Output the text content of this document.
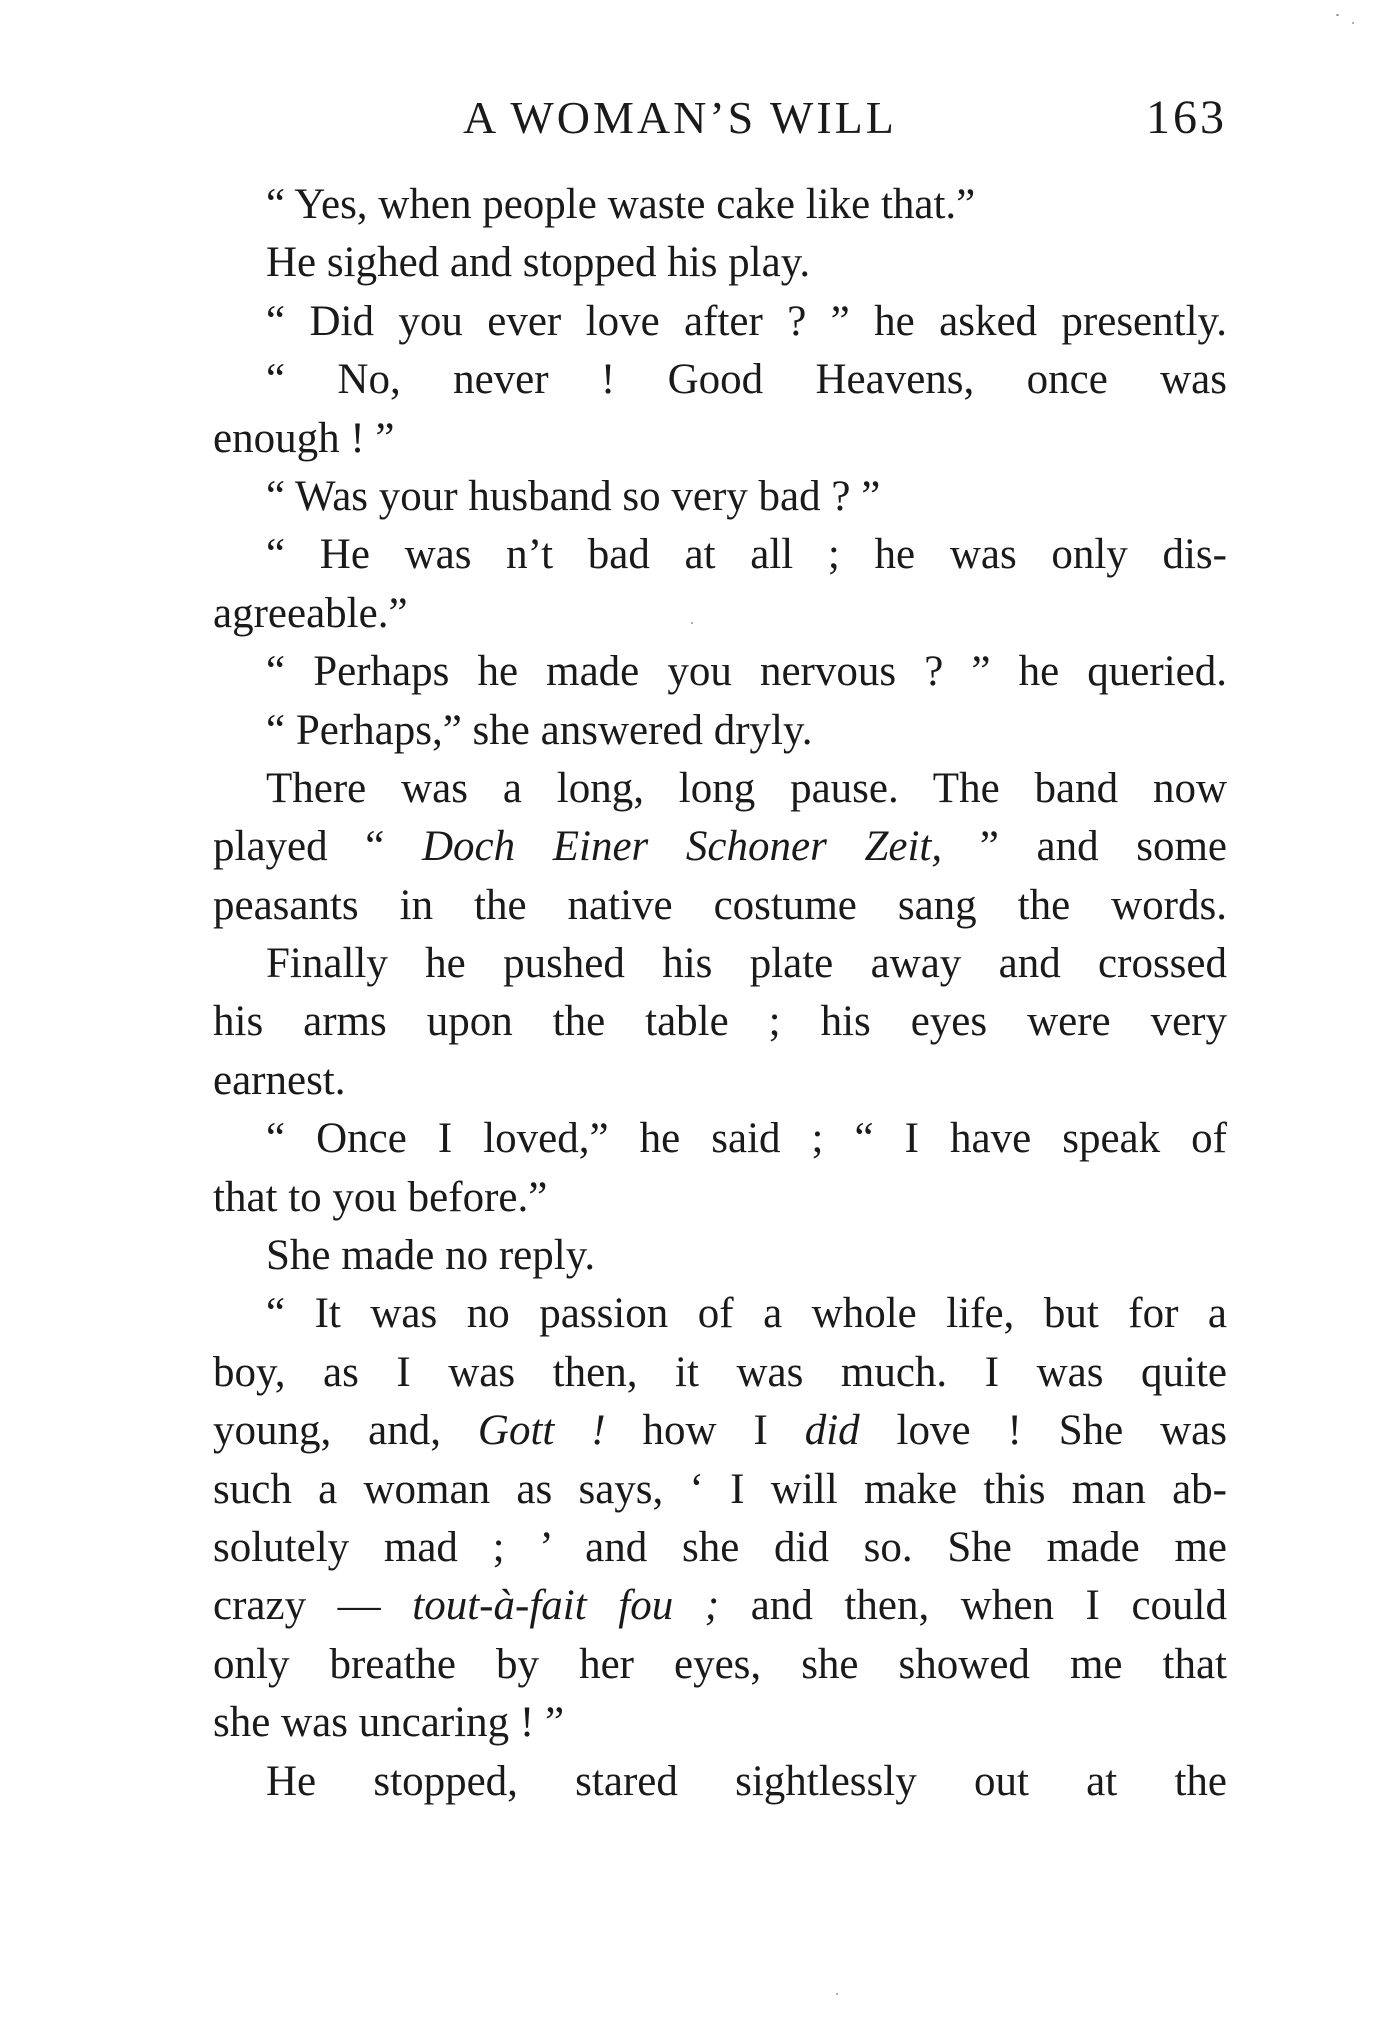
A WOMAN’S WILL	163
“ Yes, when people waste cake like that.”
He sighed and stopped his play.
“ Did you ever love after ? ” he asked presently.
“ No, never ! Good Heavens, once was
enough ! ”
“ Was your husband so very bad ? ”
“ He was n’t bad at all ; he was only dis-
agreeable.”
“ Perhaps he made you nervous ? ” he queried.
“ Perhaps,” she answered dryly.
There was a long, long pause. The band now
played “ Doch Einer Schoner Zeit, ” and some
peasants in the native costume sang the words.
Finally he pushed his plate away and crossed
his arms upon the table ; his eyes were very
earnest.
“ Once I loved,” he said ; “ I have speak of
that to you before.”
She made no reply.
“ It was no passion of a whole life, but for a
boy, as I was then, it was much. I was quite
young, and, Gott ! how I did love ! She was
such a woman as says, ‘ I will make this man ab-
solutely mad ; ’ and she did so. She made me
crazy — tout-à-fait fou ; and then, when I could
only breathe by her eyes, she showed me that
she was uncaring ! ”
He stopped, stared sightlessly out at the
